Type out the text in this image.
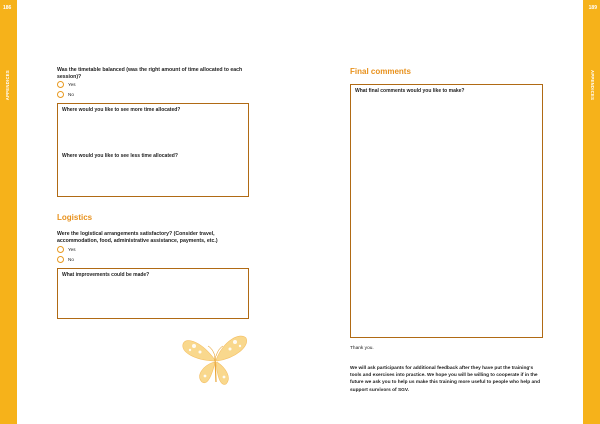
186	189
APPENDICES	APPENDICES
Was the timetable balanced (was the right amount of time allocated to each session)?
Yes
No
Where would you like to see more time allocated?
Where would you like to see less time allocated?
Logistics
Were the logistical arrangements satisfactory? (Consider travel, accommodation, food, administrative assistance, payments, etc.)
Yes
No
What improvements could be made?
Final comments
What final comments would you like to make?
Thank you.
We will ask participants for additional feedback after they have put the training's tools and exercises into practice. We hope you will be willing to cooperate if in the future we ask you to help us make this training more useful to people who help and support survivors of SGV.
